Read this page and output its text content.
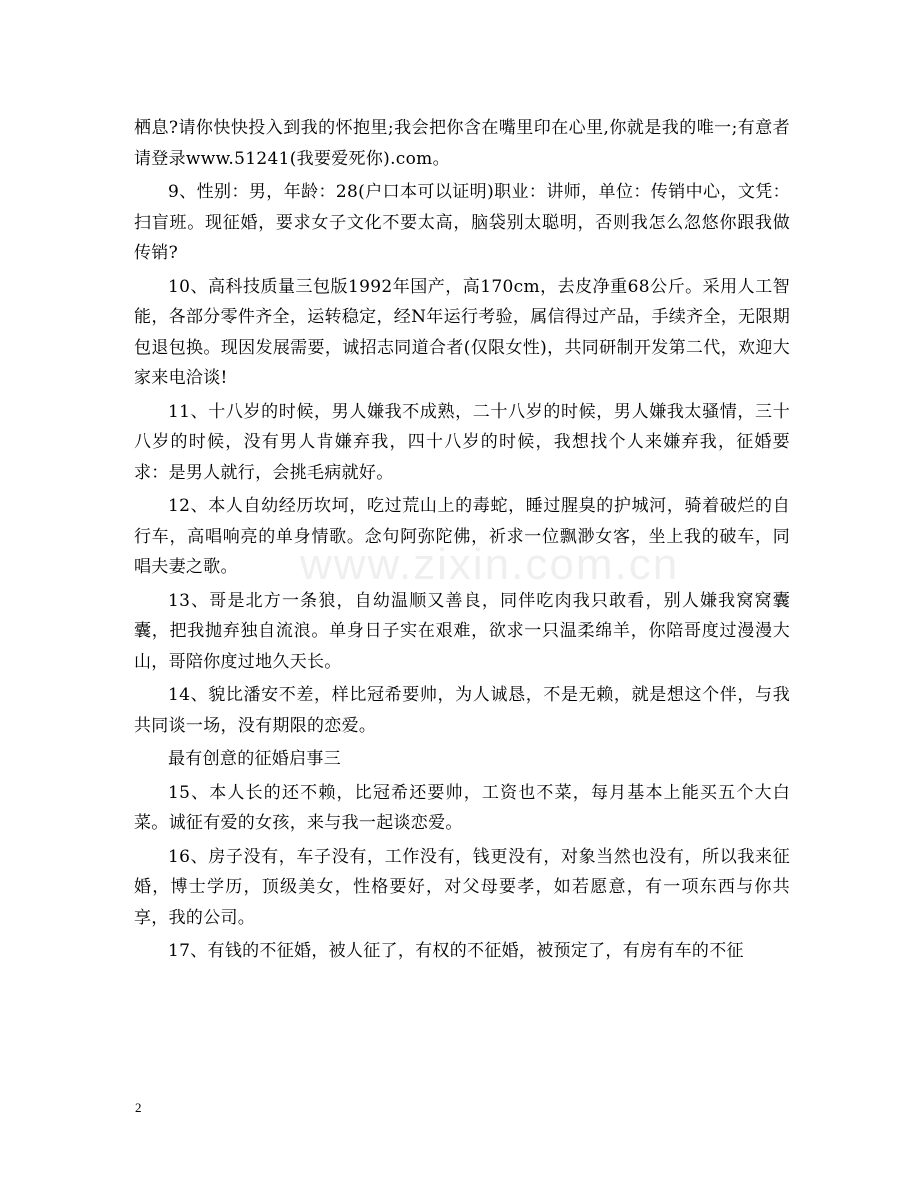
www.zixin.com.cn

栖息?请你快快投入到我的怀抱里;我会把你含在嘴里印在心里,你就是我的唯一;有意者请登录www.51241(我要爱死你).com。

9、性别：男，年龄：28(户口本可以证明)职业：讲师，单位：传销中心，文凭：扫盲班。现征婚，要求女子文化不要太高，脑袋别太聪明，否则我怎么忽悠你跟我做传销?

10、高科技质量三包版1992年国产，高170cm，去皮净重68公斤。采用人工智能，各部分零件齐全，运转稳定，经N年运行考验，属信得过产品，手续齐全，无限期包退包换。现因发展需要，诚招志同道合者(仅限女性)，共同研制开发第二代，欢迎大家来电洽谈!

11、十八岁的时候，男人嫌我不成熟，二十八岁的时候，男人嫌我太骚情，三十八岁的时候，没有男人肯嫌弃我，四十八岁的时候，我想找个人来嫌弃我，征婚要求：是男人就行，会挑毛病就好。

12、本人自幼经历坎坷，吃过荒山上的毒蛇，睡过腥臭的护城河，骑着破烂的自行车，高唱响亮的单身情歌。念句阿弥陀佛，祈求一位飘渺女客，坐上我的破车，同唱夫妻之歌。

13、哥是北方一条狼，自幼温顺又善良，同伴吃肉我只敢看，别人嫌我窝窝囊囊，把我抛弃独自流浪。单身日子实在艰难，欲求一只温柔绵羊，你陪哥度过漫漫大山，哥陪你度过地久天长。

14、貌比潘安不差，样比冠希要帅，为人诚恳，不是无赖，就是想这个伴，与我共同谈一场，没有期限的恋爱。

最有创意的征婚启事三

15、本人长的还不赖，比冠希还要帅，工资也不菜，每月基本上能买五个大白菜。诚征有爱的女孩，来与我一起谈恋爱。

16、房子没有，车子没有，工作没有，钱更没有，对象当然也没有，所以我来征婚，博士学历，顶级美女，性格要好，对父母要孝，如若愿意，有一项东西与你共享，我的公司。

17、有钱的不征婚，被人征了，有权的不征婚，被预定了，有房有车的不征

2
